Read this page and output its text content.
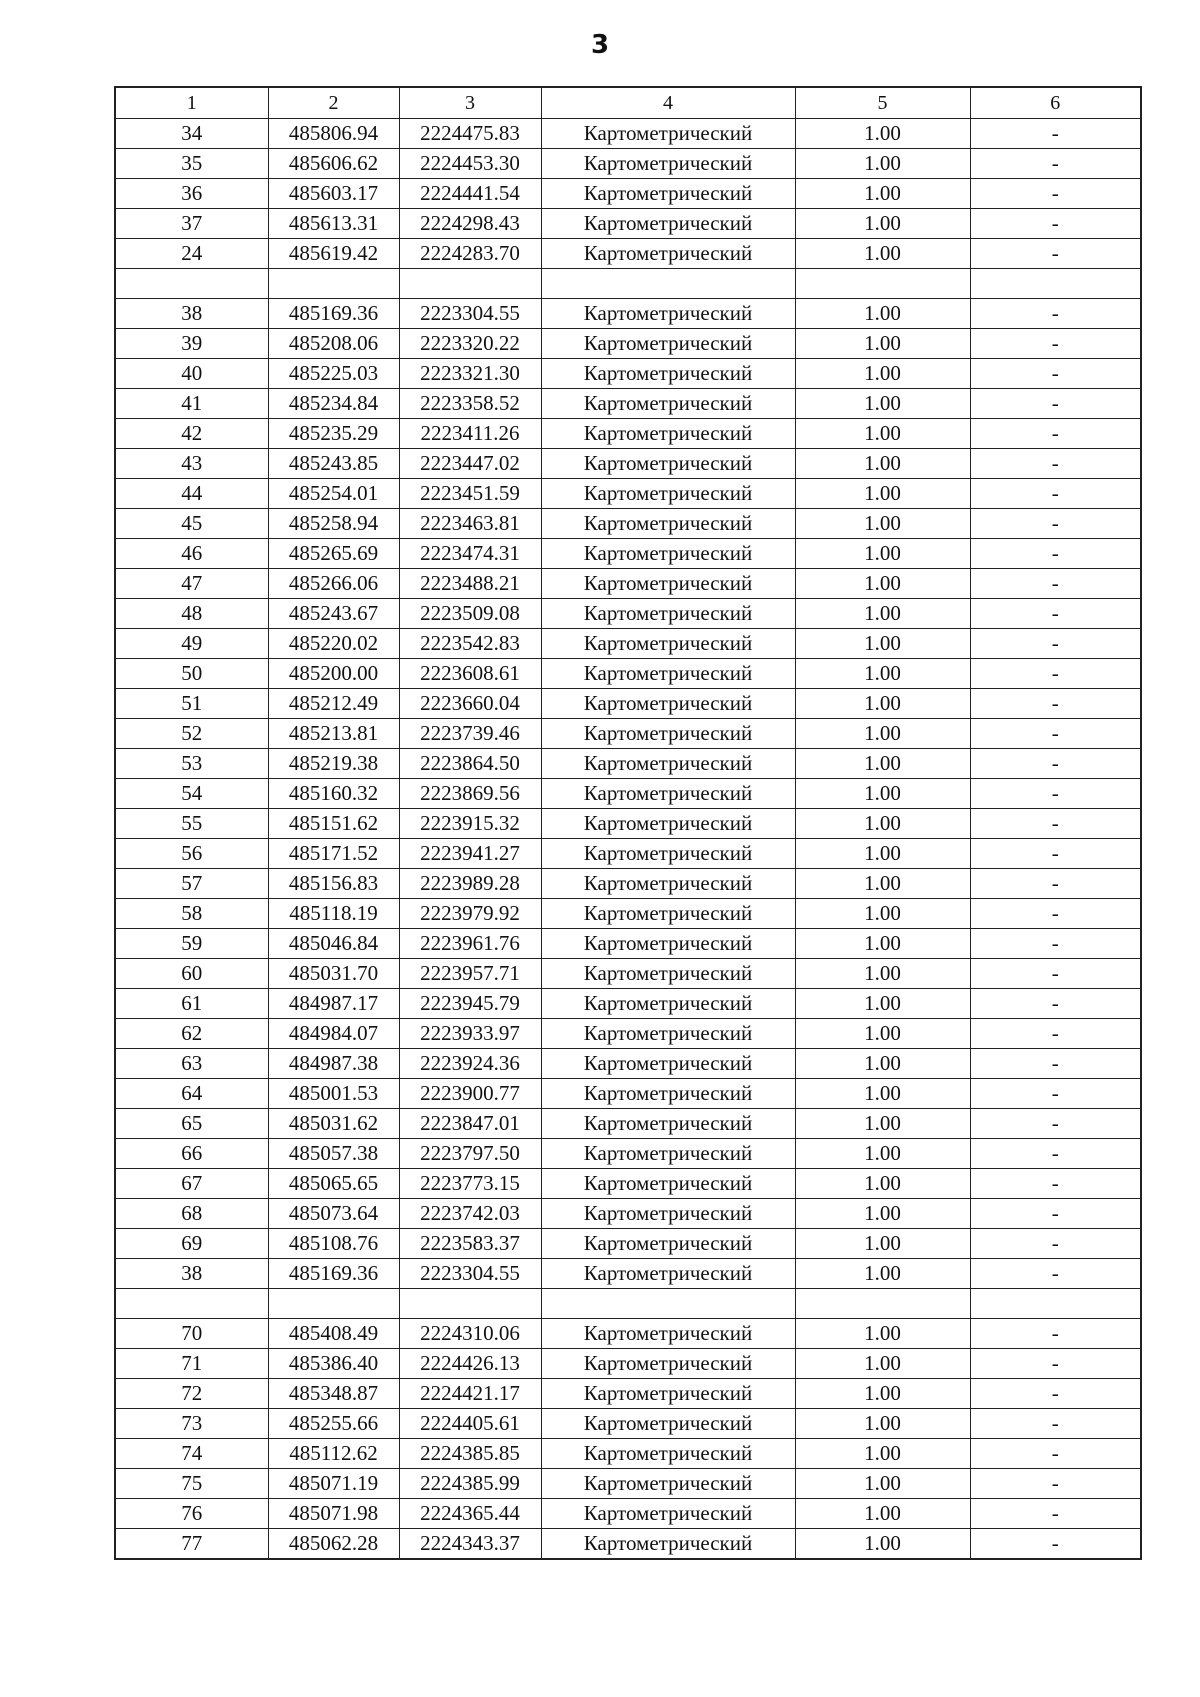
3
1	2	3	4	5	6
34	485806.94	2224475.83	Картометрический	1.00	-
35	485606.62	2224453.30	Картометрический	1.00	-
36	485603.17	2224441.54	Картометрический	1.00	-
37	485613.31	2224298.43	Картометрический	1.00	-
24	485619.42	2224283.70	Картометрический	1.00	-

38	485169.36	2223304.55	Картометрический	1.00	-
39	485208.06	2223320.22	Картометрический	1.00	-
40	485225.03	2223321.30	Картометрический	1.00	-
41	485234.84	2223358.52	Картометрический	1.00	-
42	485235.29	2223411.26	Картометрический	1.00	-
43	485243.85	2223447.02	Картометрический	1.00	-
44	485254.01	2223451.59	Картометрический	1.00	-
45	485258.94	2223463.81	Картометрический	1.00	-
46	485265.69	2223474.31	Картометрический	1.00	-
47	485266.06	2223488.21	Картометрический	1.00	-
48	485243.67	2223509.08	Картометрический	1.00	-
49	485220.02	2223542.83	Картометрический	1.00	-
50	485200.00	2223608.61	Картометрический	1.00	-
51	485212.49	2223660.04	Картометрический	1.00	-
52	485213.81	2223739.46	Картометрический	1.00	-
53	485219.38	2223864.50	Картометрический	1.00	-
54	485160.32	2223869.56	Картометрический	1.00	-
55	485151.62	2223915.32	Картометрический	1.00	-
56	485171.52	2223941.27	Картометрический	1.00	-
57	485156.83	2223989.28	Картометрический	1.00	-
58	485118.19	2223979.92	Картометрический	1.00	-
59	485046.84	2223961.76	Картометрический	1.00	-
60	485031.70	2223957.71	Картометрический	1.00	-
61	484987.17	2223945.79	Картометрический	1.00	-
62	484984.07	2223933.97	Картометрический	1.00	-
63	484987.38	2223924.36	Картометрический	1.00	-
64	485001.53	2223900.77	Картометрический	1.00	-
65	485031.62	2223847.01	Картометрический	1.00	-
66	485057.38	2223797.50	Картометрический	1.00	-
67	485065.65	2223773.15	Картометрический	1.00	-
68	485073.64	2223742.03	Картометрический	1.00	-
69	485108.76	2223583.37	Картометрический	1.00	-
38	485169.36	2223304.55	Картометрический	1.00	-

70	485408.49	2224310.06	Картометрический	1.00	-
71	485386.40	2224426.13	Картометрический	1.00	-
72	485348.87	2224421.17	Картометрический	1.00	-
73	485255.66	2224405.61	Картометрический	1.00	-
74	485112.62	2224385.85	Картометрический	1.00	-
75	485071.19	2224385.99	Картометрический	1.00	-
76	485071.98	2224365.44	Картометрический	1.00	-
77	485062.28	2224343.37	Картометрический	1.00	-
